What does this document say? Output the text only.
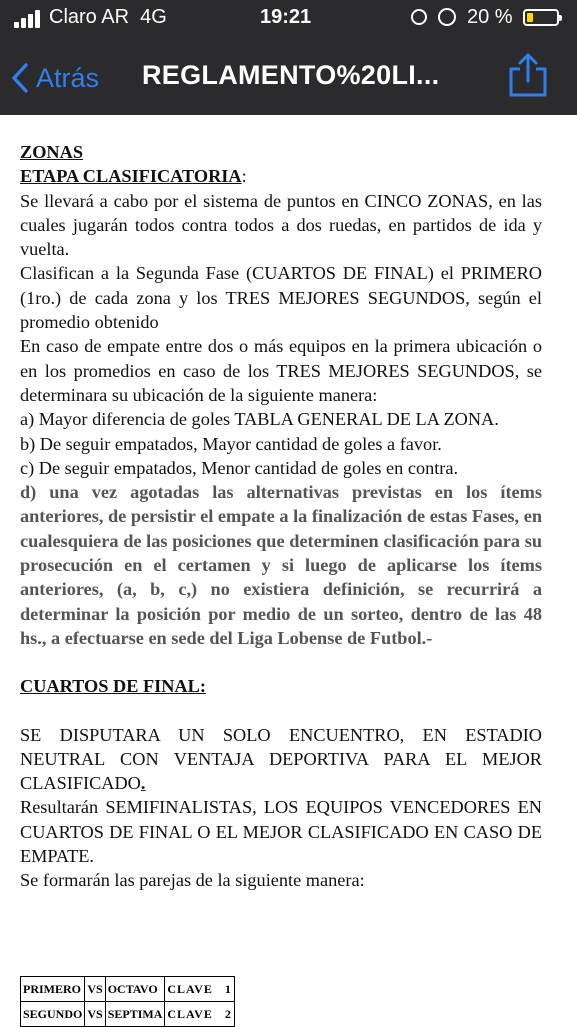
Claro AR 4G	19:21	20 %
Atrás REGLAMENTO%20LI...

ZONAS

ETAPA CLASIFICATORIA:

Se llevará a cabo por el sistema de puntos en CINCO ZONAS, en las cuales jugarán todos contra todos a dos ruedas, en partidos de ida y vuelta.

Clasifican a la Segunda Fase (CUARTOS DE FINAL) el PRIMERO (1ro.) de cada zona y los TRES MEJORES SEGUNDOS, según el promedio obtenido

En caso de empate entre dos o más equipos en la primera ubicación o en los promedios en caso de los TRES MEJORES SEGUNDOS, se determinara su ubicación de la siguiente manera:

a) Mayor diferencia de goles TABLA GENERAL DE LA ZONA.

b) De seguir empatados, Mayor cantidad de goles a favor.

c) De seguir empatados, Menor cantidad de goles en contra.

d) una vez agotadas las alternativas previstas en los ítems anteriores, de persistir el empate a la finalización de estas Fases, en cualesquiera de las posiciones que determinen clasificación para su prosecución en el certamen y si luego de aplicarse los ítems anteriores, (a, b, c,) no existiera definición, se recurrirá a determinar la posición por medio de un sorteo, dentro de las 48 hs., a efectuarse en sede del Liga Lobense de Futbol.-

CUARTOS DE FINAL:

SE DISPUTARA UN SOLO ENCUENTRO, EN ESTADIO NEUTRAL CON VENTAJA DEPORTIVA PARA EL MEJOR CLASIFICADO.

Resultarán SEMIFINALISTAS, LOS EQUIPOS VENCEDORES EN CUARTOS DE FINAL O EL MEJOR CLASIFICADO EN CASO DE EMPATE.

Se formarán las parejas de la siguiente manera:

PRIMERO	VS	OCTAVO	CLAVE 1
SEGUNDO	VS	SEPTIMA	CLAVE 2
